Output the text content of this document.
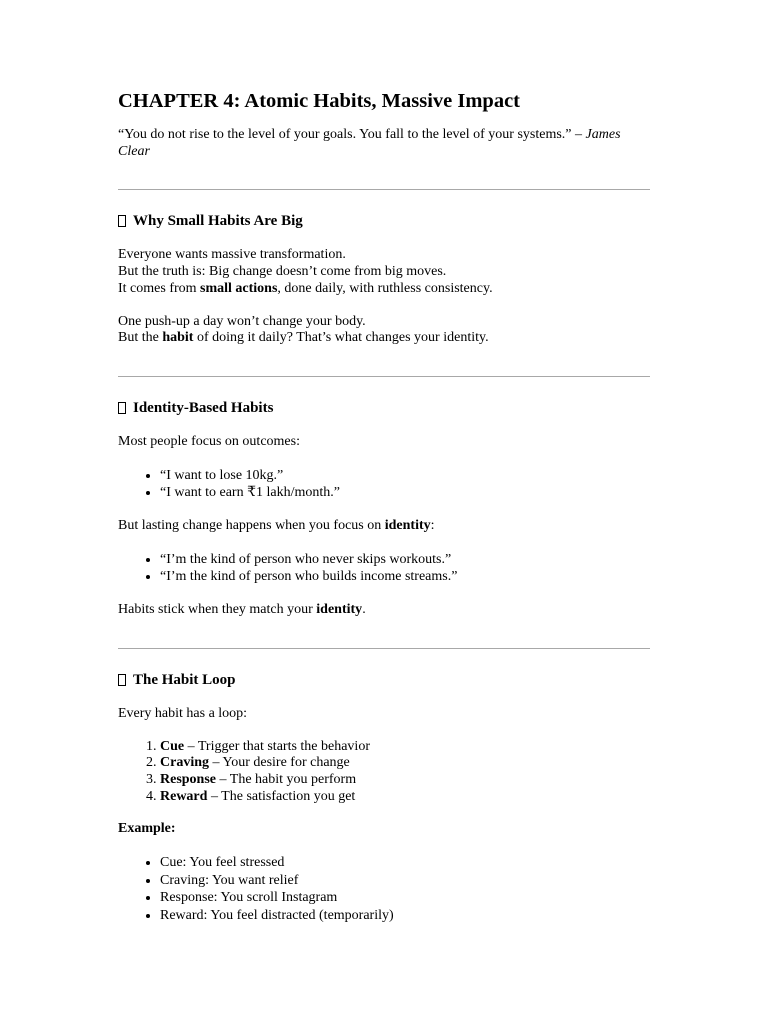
CHAPTER 4: Atomic Habits, Massive Impact

“You do not rise to the level of your goals. You fall to the level of your systems.” – James Clear

Why Small Habits Are Big

Everyone wants massive transformation.
But the truth is: Big change doesn’t come from big moves.
It comes from small actions, done daily, with ruthless consistency.

One push-up a day won’t change your body.
But the habit of doing it daily? That’s what changes your identity.

Identity-Based Habits

Most people focus on outcomes:

• “I want to lose 10kg.”
• “I want to earn ₹1 lakh/month.”

But lasting change happens when you focus on identity:

• “I’m the kind of person who never skips workouts.”
• “I’m the kind of person who builds income streams.”

Habits stick when they match your identity.

The Habit Loop

Every habit has a loop:

1. Cue – Trigger that starts the behavior
2. Craving – Your desire for change
3. Response – The habit you perform
4. Reward – The satisfaction you get

Example:

• Cue: You feel stressed
• Craving: You want relief
• Response: You scroll Instagram
• Reward: You feel distracted (temporarily)
